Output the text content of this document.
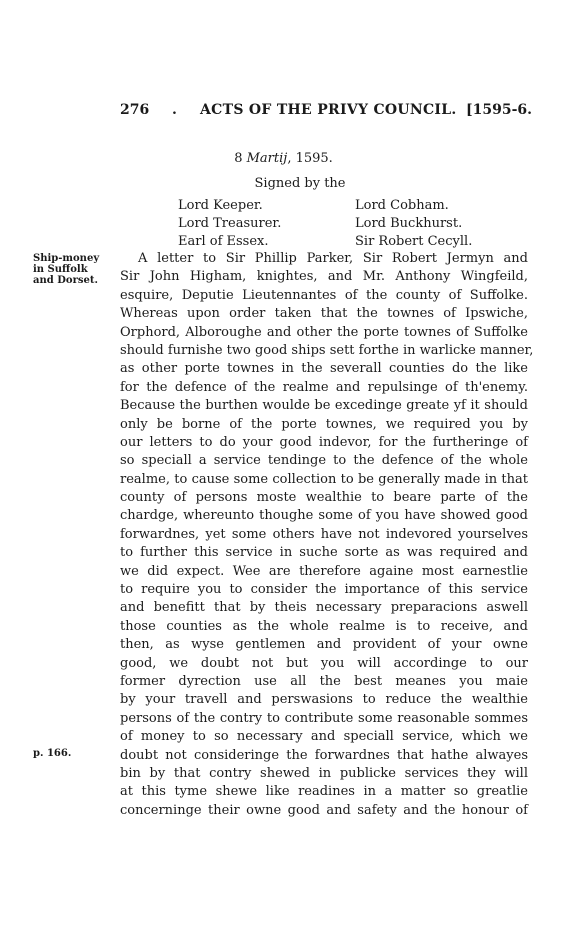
276 . ACTS OF THE PRIVY COUNCIL. [1595-6.
8 Martij, 1595.
Signed by the
Lord Keeper.	Lord Cobham.
Lord Treasurer.	Lord Buckhurst.
Earl of Essex.	Sir Robert Cecyll.
Ship-money
in Suffolk
and Dorset.
p. 166.
A letter to Sir Phillip Parker, Sir Robert Jermyn and
Sir John Higham, knightes, and Mr. Anthony Wingfeild,
esquire, Deputie Lieutennantes of the county of Suffolke.
Whereas upon order taken that the townes of Ipswiche,
Orphord, Alboroughe and other the porte townes of Suffolke
should furnishe two good ships sett forthe in warlicke manner,
as other porte townes in the severall counties do the like
for the defence of the realme and repulsinge of th'enemy.
Because the burthen woulde be excedinge greate yf it should
only be borne of the porte townes, we required you by
our letters to do your good indevor, for the furtheringe of
so speciall a service tendinge to the defence of the whole
realme, to cause some collection to be generally made in that
county of persons moste wealthie to beare parte of the
chardge, whereunto thoughe some of you have showed good
forwardnes, yet some others have not indevored yourselves
to further this service in suche sorte as was required and
we did expect. Wee are therefore againe most earnestlie
to require you to consider the importance of this service
and benefitt that by theis necessary preparacions aswell
those counties as the whole realme is to receive, and
then, as wyse gentlemen and provident of your owne
good, we doubt not but you will accordinge to our
former dyrection use all the best meanes you maie
by your travell and perswasions to reduce the wealthie
persons of the contry to contribute some reasonable sommes
of money to so necessary and speciall service, which we
doubt not consideringe the forwardnes that hathe alwayes
bin by that contry shewed in publicke services they will
at this tyme shewe like readines in a matter so greatlie
concerninge their owne good and safety and the honour of
